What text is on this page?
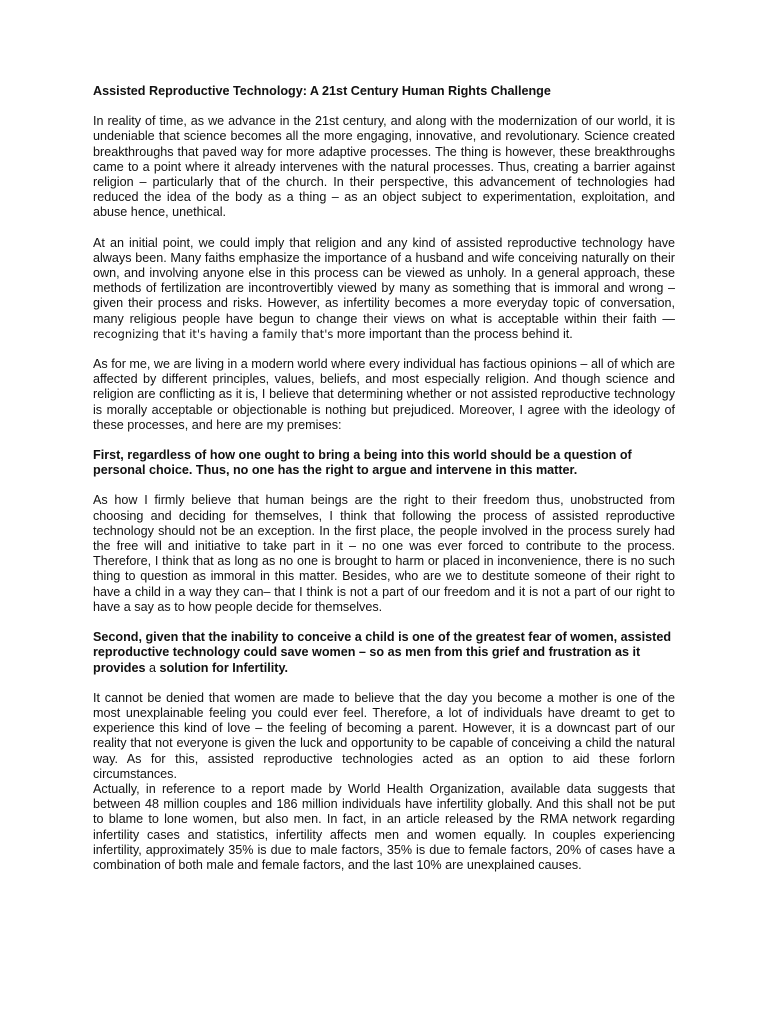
Assisted Reproductive Technology: A 21st Century Human Rights Challenge

In reality of time, as we advance in the 21st century, and along with the modernization of our world, it is undeniable that science becomes all the more engaging, innovative, and revolutionary. Science created breakthroughs that paved way for more adaptive processes. The thing is however, these breakthroughs came to a point where it already intervenes with the natural processes. Thus, creating a barrier against religion – particularly that of the church. In their perspective, this advancement of technologies had reduced the idea of the body as a thing – as an object subject to experimentation, exploitation, and abuse hence, unethical.

At an initial point, we could imply that religion and any kind of assisted reproductive technology have always been. Many faiths emphasize the importance of a husband and wife conceiving naturally on their own, and involving anyone else in this process can be viewed as unholy. In a general approach, these methods of fertilization are incontrovertibly viewed by many as something that is immoral and wrong – given their process and risks. However, as infertility becomes a more everyday topic of conversation, many religious people have begun to change their views on what is acceptable within their faith — recognizing that it's having a family that's more important than the process behind it.

As for me, we are living in a modern world where every individual has factious opinions – all of which are affected by different principles, values, beliefs, and most especially religion. And though science and religion are conflicting as it is, I believe that determining whether or not assisted reproductive technology is morally acceptable or objectionable is nothing but prejudiced. Moreover, I agree with the ideology of these processes, and here are my premises:

First, regardless of how one ought to bring a being into this world should be a question of personal choice. Thus, no one has the right to argue and intervene in this matter.

As how I firmly believe that human beings are the right to their freedom thus, unobstructed from choosing and deciding for themselves, I think that following the process of assisted reproductive technology should not be an exception. In the first place, the people involved in the process surely had the free will and initiative to take part in it – no one was ever forced to contribute to the process. Therefore, I think that as long as no one is brought to harm or placed in inconvenience, there is no such thing to question as immoral in this matter. Besides, who are we to destitute someone of their right to have a child in a way they can– that I think is not a part of our freedom and it is not a part of our right to have a say as to how people decide for themselves.

Second, given that the inability to conceive a child is one of the greatest fear of women, assisted reproductive technology could save women – so as men from this grief and frustration as it provides a solution for Infertility.

It cannot be denied that women are made to believe that the day you become a mother is one of the most unexplainable feeling you could ever feel. Therefore, a lot of individuals have dreamt to get to experience this kind of love – the feeling of becoming a parent. However, it is a downcast part of our reality that not everyone is given the luck and opportunity to be capable of conceiving a child the natural way. As for this, assisted reproductive technologies acted as an option to aid these forlorn circumstances.

Actually, in reference to a report made by World Health Organization, available data suggests that between 48 million couples and 186 million individuals have infertility globally. And this shall not be put to blame to lone women, but also men. In fact, in an article released by the RMA network regarding infertility cases and statistics, infertility affects men and women equally. In couples experiencing infertility, approximately 35% is due to male factors, 35% is due to female factors, 20% of cases have a combination of both male and female factors, and the last 10% are unexplained causes.
